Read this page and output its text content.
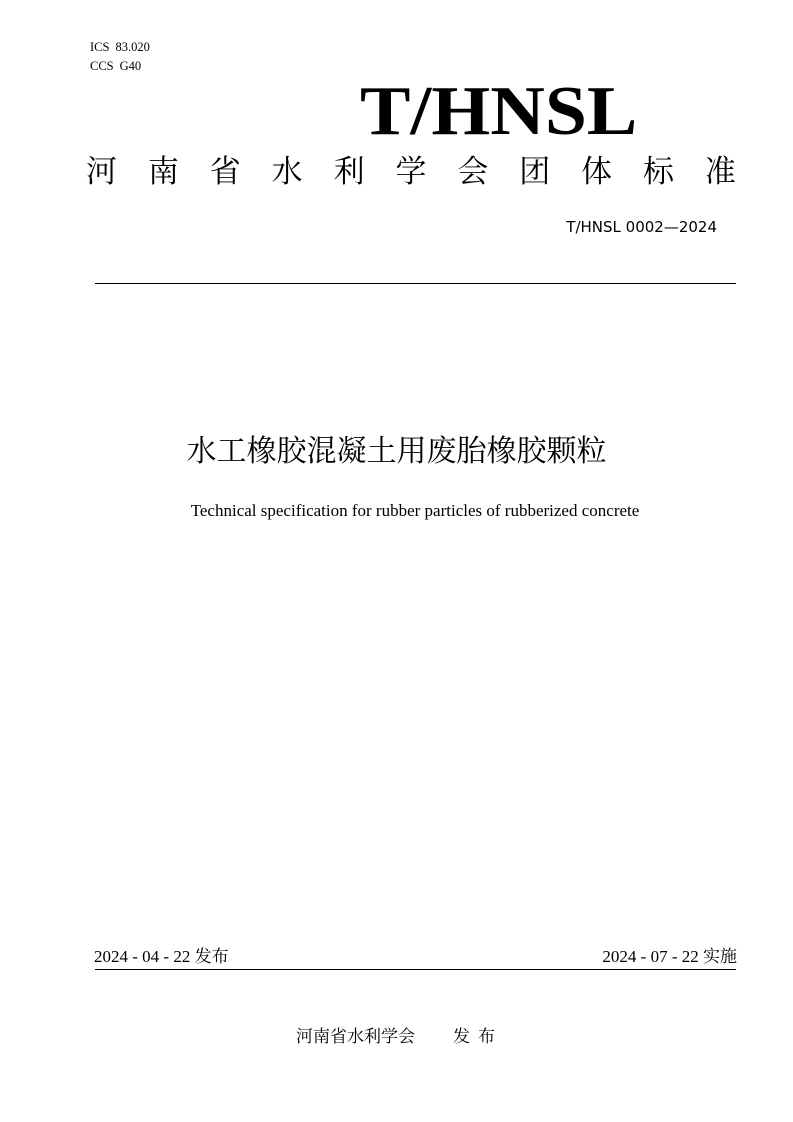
ICS 83.020
CCS G40
T/HNSL
河 南 省 水 利 学 会 团 体 标 准
T/HNSL 0002—2024
水工橡胶混凝土用废胎橡胶颗粒
Technical specification for rubber particles of rubberized concrete
2024 - 04 - 22 发布	2024 - 07 - 22 实施
河南省水利学会 发布
